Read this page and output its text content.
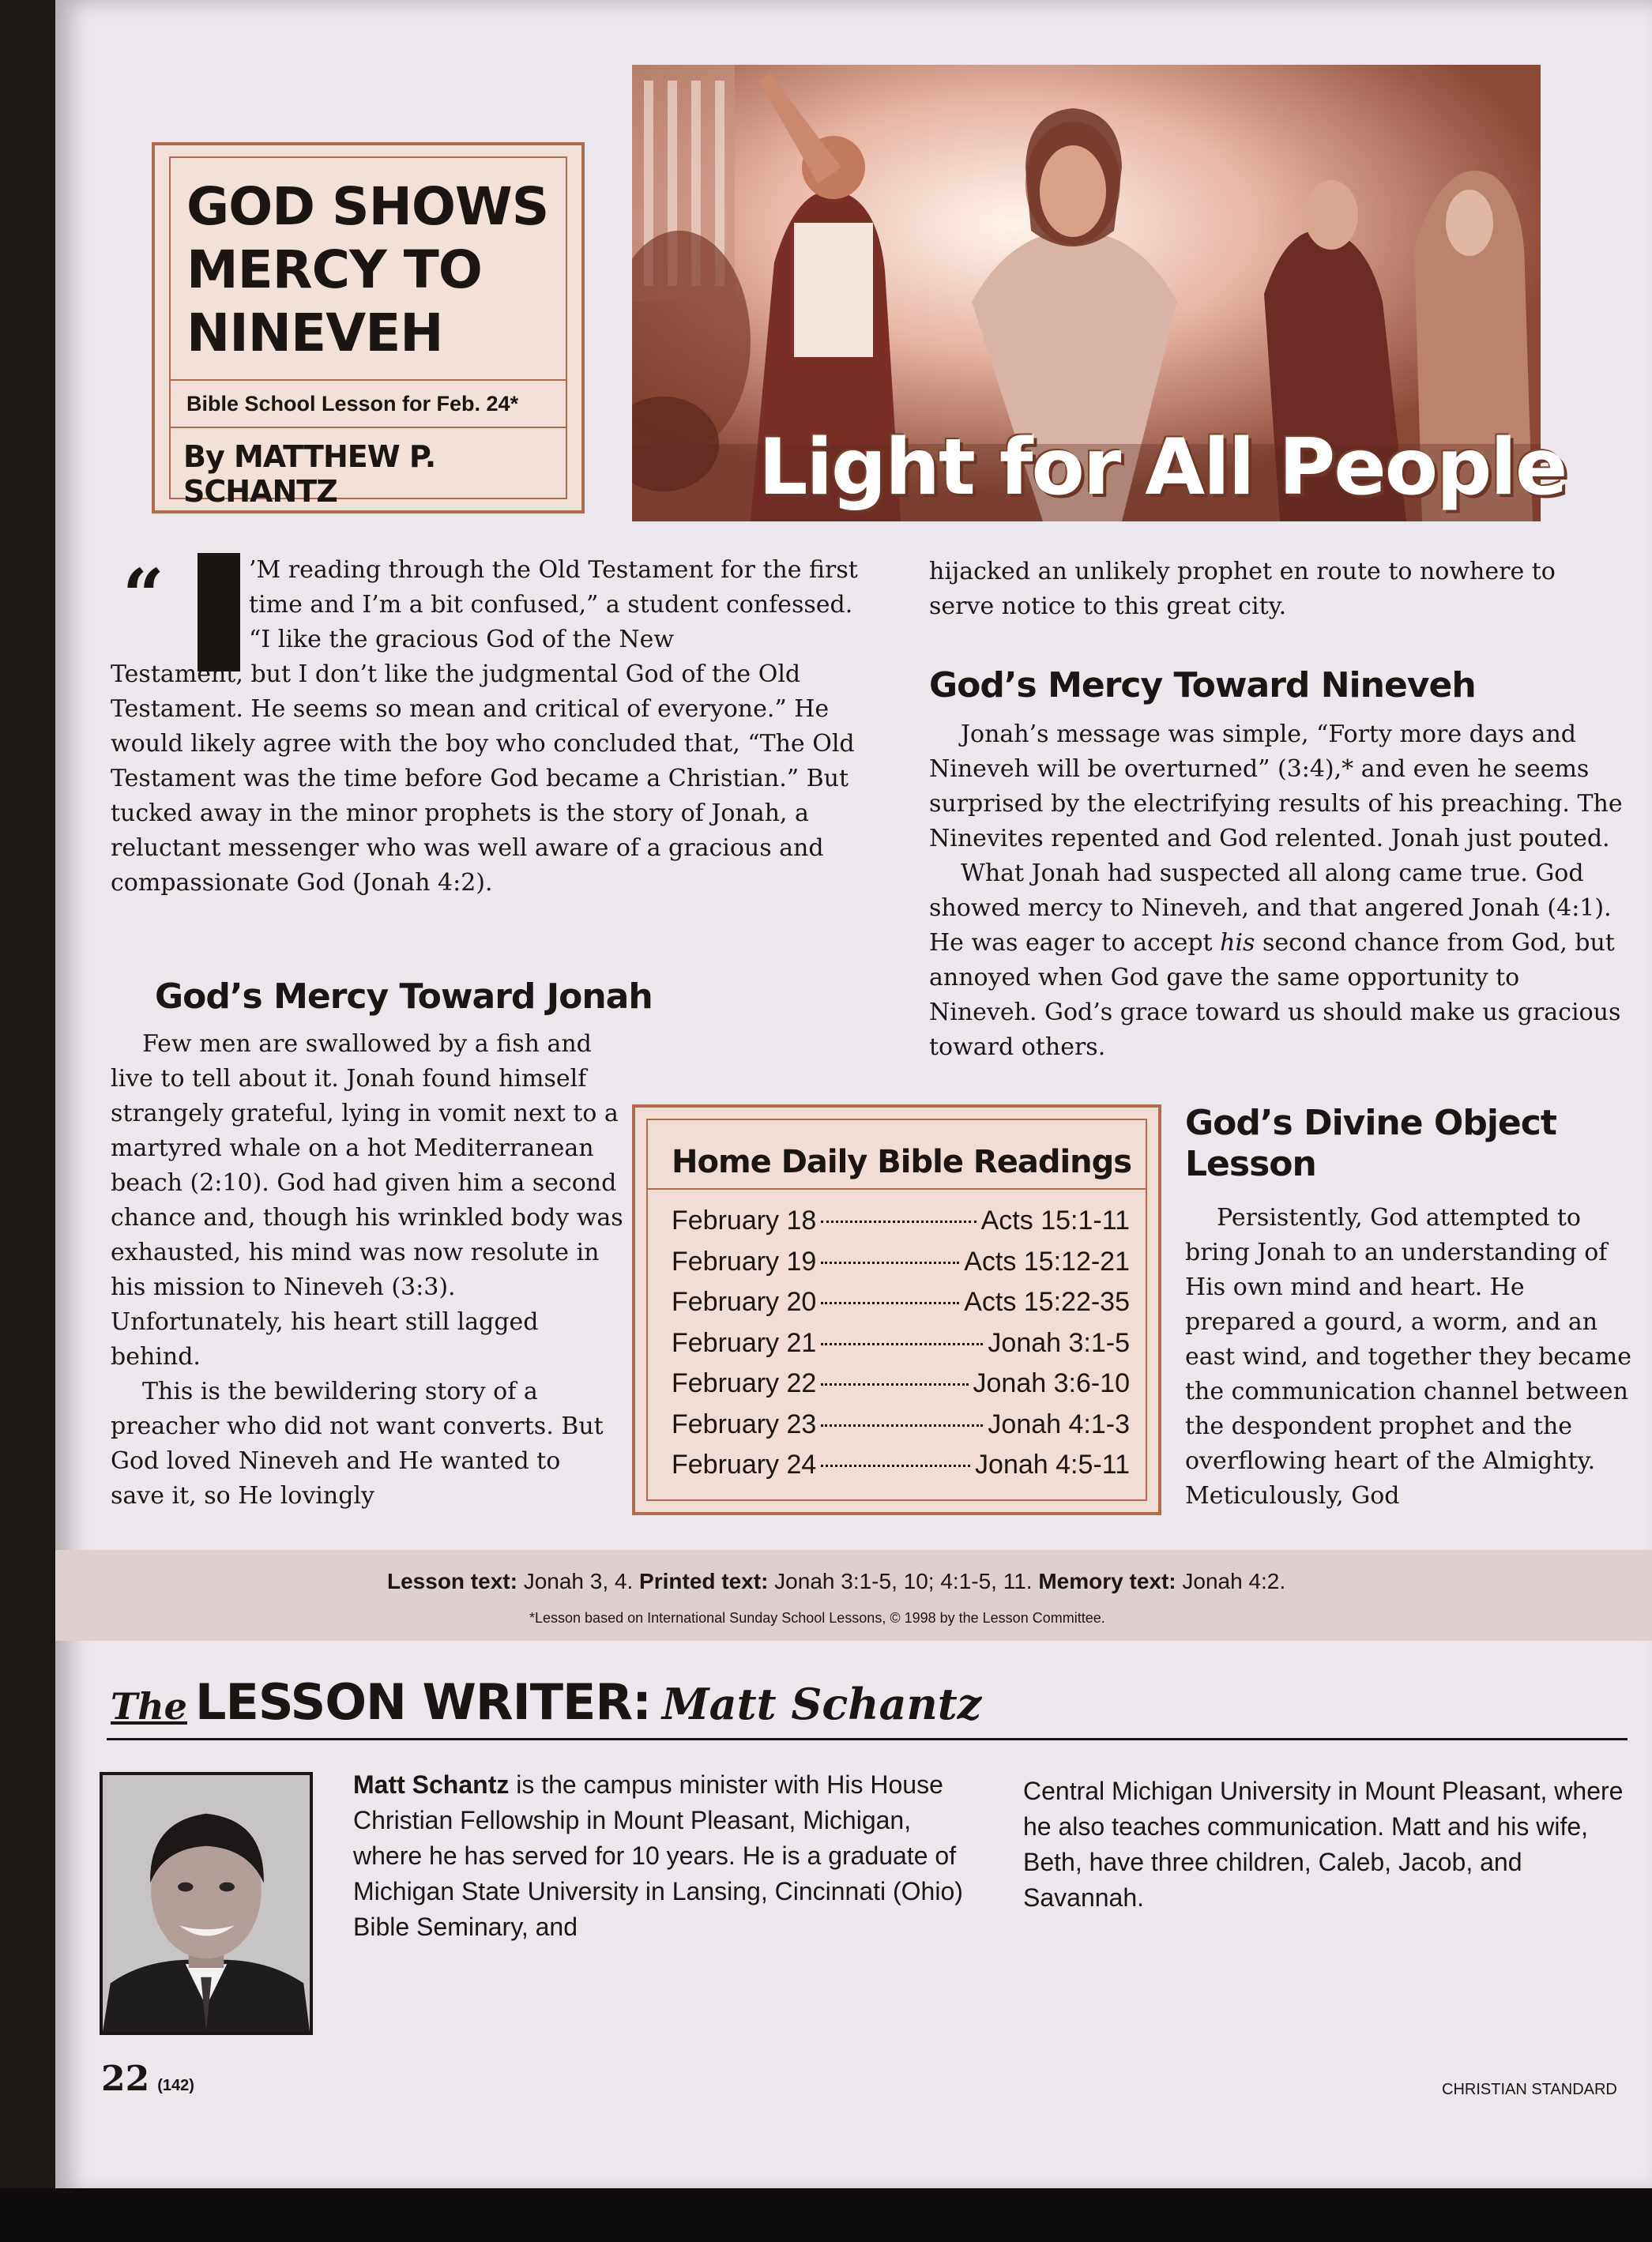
Light for All People
GOD SHOWS MERCY TO NINEVEH
Bible School Lesson for Feb. 24*
By MATTHEW P. SCHANTZ
“	’M reading through the Old Testament for the first time and I’m a bit confused,” a student confessed. “I like the gracious God of the New

Testament, but I don’t like the judgmental God of the Old Testament. He seems so mean and critical of everyone.” He would likely agree with the boy who concluded that, “The Old Testament was the time before God became a Christian.” But tucked away in the minor prophets is the story of Jonah, a reluctant messenger who was well aware of a gracious and compassionate God (Jonah 4:2).

God’s Mercy Toward Jonah

Few men are swallowed by a fish and live to tell about it. Jonah found himself strangely grateful, lying in vomit next to a martyred whale on a hot Mediterranean beach (2:10). God had given him a second chance and, though his wrinkled body was exhausted, his mind was now resolute in his mission to Nineveh (3:3). Unfortunately, his heart still lagged behind.

This is the bewildering story of a preacher who did not want converts. But God loved Nineveh and He wanted to save it, so He lovingly

hijacked an unlikely prophet en route to nowhere to serve notice to this great city.

God’s Mercy Toward Nineveh

Jonah’s message was simple, “Forty more days and Nineveh will be overturned” (3:4),* and even he seems surprised by the electrifying results of his preaching. The Ninevites repented and God relented. Jonah just pouted.

What Jonah had suspected all along came true. God showed mercy to Nineveh, and that angered Jonah (4:1). He was eager to accept his second chance from God, but annoyed when God gave the same opportunity to Nineveh. God’s grace toward us should make us gracious toward others.

God’s Divine Object Lesson

Persistently, God attempted to bring Jonah to an understanding of His own mind and heart. He prepared a gourd, a worm, and an east wind, and together they became the communication channel between the despondent prophet and the overflowing heart of the Almighty. Meticulously, God

Home Daily Bible Readings
February 18	Acts 15:1-11
February 19	Acts 15:12-21
February 20	Acts 15:22-35
February 21	Jonah 3:1-5
February 22	Jonah 3:6-10
February 23	Jonah 4:1-3
February 24	Jonah 4:5-11
Lesson text: Jonah 3, 4. Printed text: Jonah 3:1-5, 10; 4:1-5, 11. Memory text: Jonah 4:2.
*Lesson based on International Sunday School Lessons, © 1998 by the Lesson Committee.
The LESSON WRITER: Matt Schantz

Matt Schantz is the campus minister with His House Christian Fellowship in Mount Pleasant, Michigan, where he has served for 10 years. He is a graduate of Michigan State University in Lansing, Cincinnati (Ohio) Bible Seminary, and

Central Michigan University in Mount Pleasant, where he also teaches communication. Matt and his wife, Beth, have three children, Caleb, Jacob, and Savannah.

22 (142)	CHRISTIAN STANDARD
